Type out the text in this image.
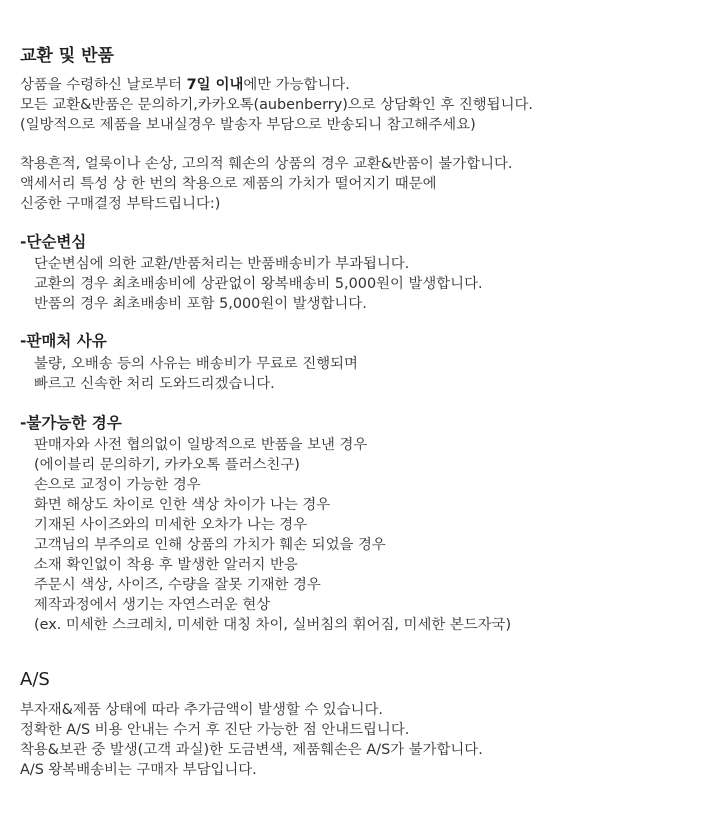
교환 및 반품
상품을 수령하신 날로부터 7일 이내에만 가능합니다.
모든 교환&반품은 문의하기,카카오톡(aubenberry)으로 상담확인 후 진행됩니다.
(일방적으로 제품을 보내실경우 발송자 부담으로 반송되니 참고해주세요)
착용흔적, 얼룩이나 손상, 고의적 훼손의 상품의 경우 교환&반품이 불가합니다.
액세서리 특성 상 한 번의 착용으로 제품의 가치가 떨어지기 때문에
신중한 구매결정 부탁드립니다:)
-단순변심
단순변심에 의한 교환/반품처리는 반품배송비가 부과됩니다.
교환의 경우 최초배송비에 상관없이 왕복배송비 5,000원이 발생합니다.
반품의 경우 최초배송비 포함 5,000원이 발생합니다.
-판매처 사유
불량, 오배송 등의 사유는 배송비가 무료로 진행되며
빠르고 신속한 처리 도와드리겠습니다.
-불가능한 경우
판매자와 사전 협의없이 일방적으로 반품을 보낸 경우
(에이블리 문의하기, 카카오톡 플러스친구)
손으로 교정이 가능한 경우
화면 해상도 차이로 인한 색상 차이가 나는 경우
기재된 사이즈와의 미세한 오차가 나는 경우
고객님의 부주의로 인해 상품의 가치가 훼손 되었을 경우
소재 확인없이 착용 후 발생한 알러지 반응
주문시 색상, 사이즈, 수량을 잘못 기재한 경우
제작과정에서 생기는 자연스러운 현상
(ex. 미세한 스크레치, 미세한 대칭 차이, 실버침의 휘어짐, 미세한 본드자국)
A/S
부자재&제품 상태에 따라 추가금액이 발생할 수 있습니다.
정확한 A/S 비용 안내는 수거 후 진단 가능한 점 안내드립니다.
착용&보관 중 발생(고객 과실)한 도금변색, 제품훼손은 A/S가 불가합니다.
A/S 왕복배송비는 구매자 부담입니다.
